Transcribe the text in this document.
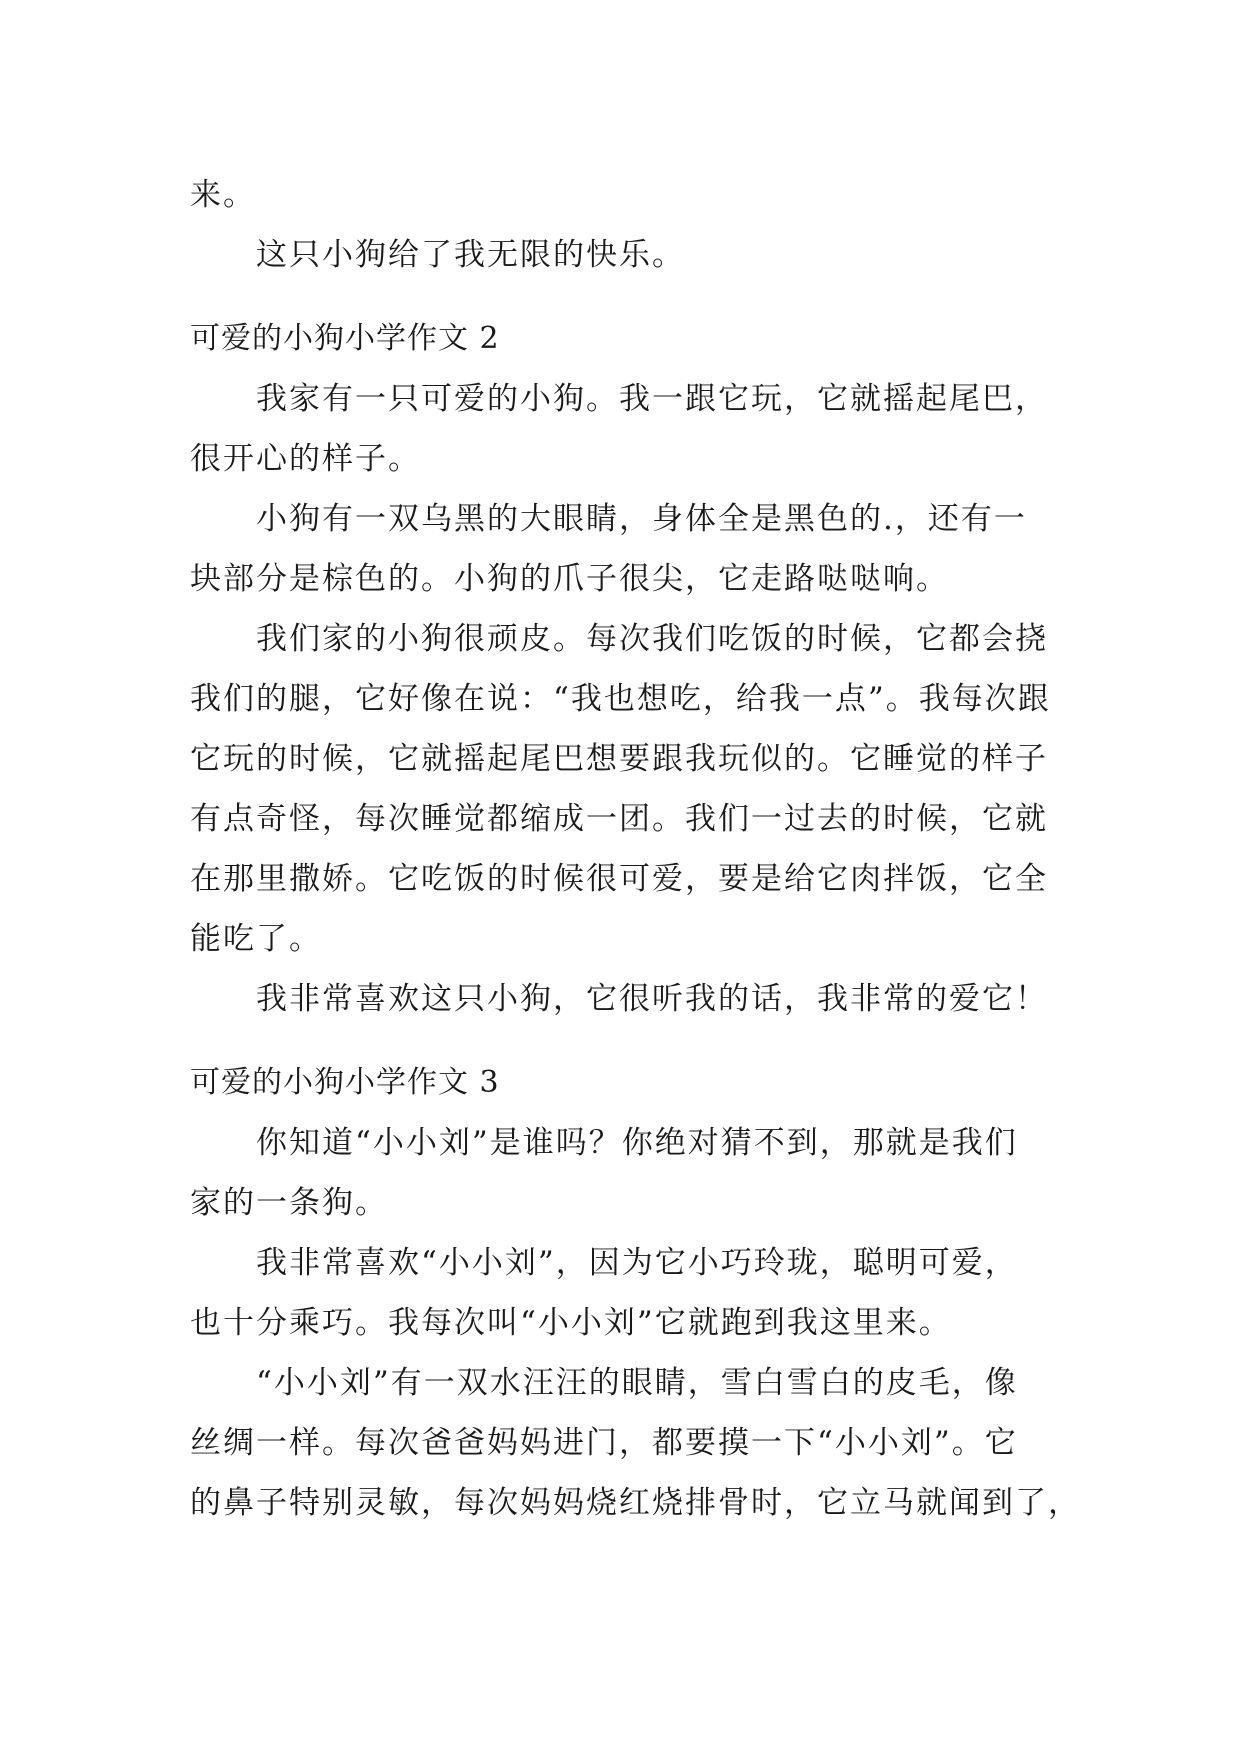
来。

这只小狗给了我无限的快乐。

可爱的小狗小学作文 2

我家有一只可爱的小狗。我一跟它玩，它就摇起尾巴，

很开心的样子。

小狗有一双乌黑的大眼睛，身体全是黑色的.，还有一

块部分是棕色的。小狗的爪子很尖，它走路哒哒响。

我们家的小狗很顽皮。每次我们吃饭的时候，它都会挠

我们的腿，它好像在说：“我也想吃，给我一点”。我每次跟

它玩的时候，它就摇起尾巴想要跟我玩似的。它睡觉的样子

有点奇怪，每次睡觉都缩成一团。我们一过去的时候，它就

在那里撒娇。它吃饭的时候很可爱，要是给它肉拌饭，它全

能吃了。

我非常喜欢这只小狗，它很听我的话，我非常的爱它！

可爱的小狗小学作文 3

你知道“小小刘”是谁吗？你绝对猜不到，那就是我们

家的一条狗。

我非常喜欢“小小刘”，因为它小巧玲珑，聪明可爱，

也十分乘巧。我每次叫“小小刘”它就跑到我这里来。

“小小刘”有一双水汪汪的眼睛，雪白雪白的皮毛，像

丝绸一样。每次爸爸妈妈进门，都要摸一下“小小刘”。它

的鼻子特别灵敏，每次妈妈烧红烧排骨时，它立马就闻到了，
